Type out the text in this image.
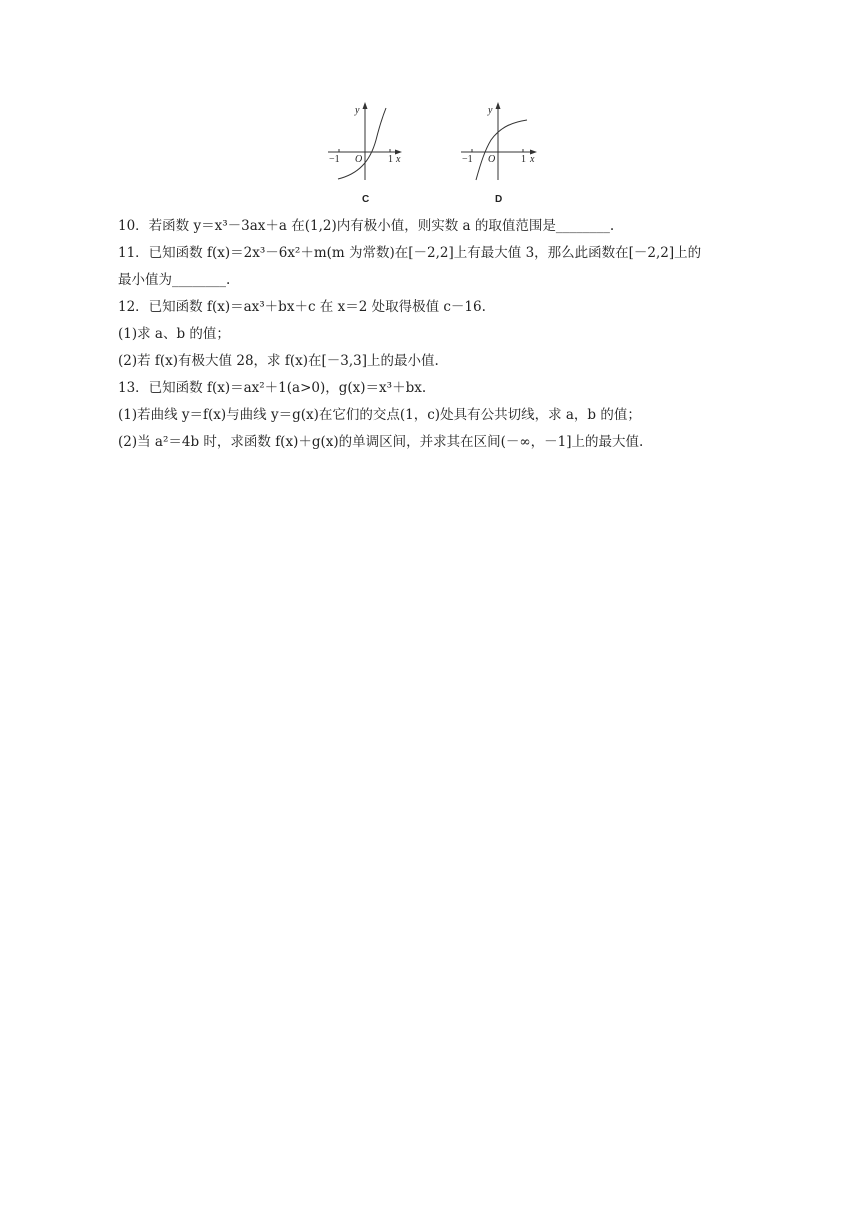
y
−1 O	1 x
C
y
−1 O	1 x
D
10．若函数 y＝x³－3ax＋a 在(1,2)内有极小值，则实数 a 的取值范围是________.
11．已知函数 f(x)＝2x³－6x²＋m(m 为常数)在[－2,2]上有最大值 3，那么此函数在[－2,2]上的
最小值为________.
12．已知函数 f(x)＝ax³＋bx＋c 在 x＝2 处取得极值 c－16.
(1)求 a、b 的值；
(2)若 f(x)有极大值 28，求 f(x)在[－3,3]上的最小值.
13．已知函数 f(x)＝ax²＋1(a>0)，g(x)＝x³＋bx.
(1)若曲线 y＝f(x)与曲线 y＝g(x)在它们的交点(1，c)处具有公共切线，求 a，b 的值；
(2)当 a²＝4b 时，求函数 f(x)＋g(x)的单调区间，并求其在区间(－∞，－1]上的最大值.
